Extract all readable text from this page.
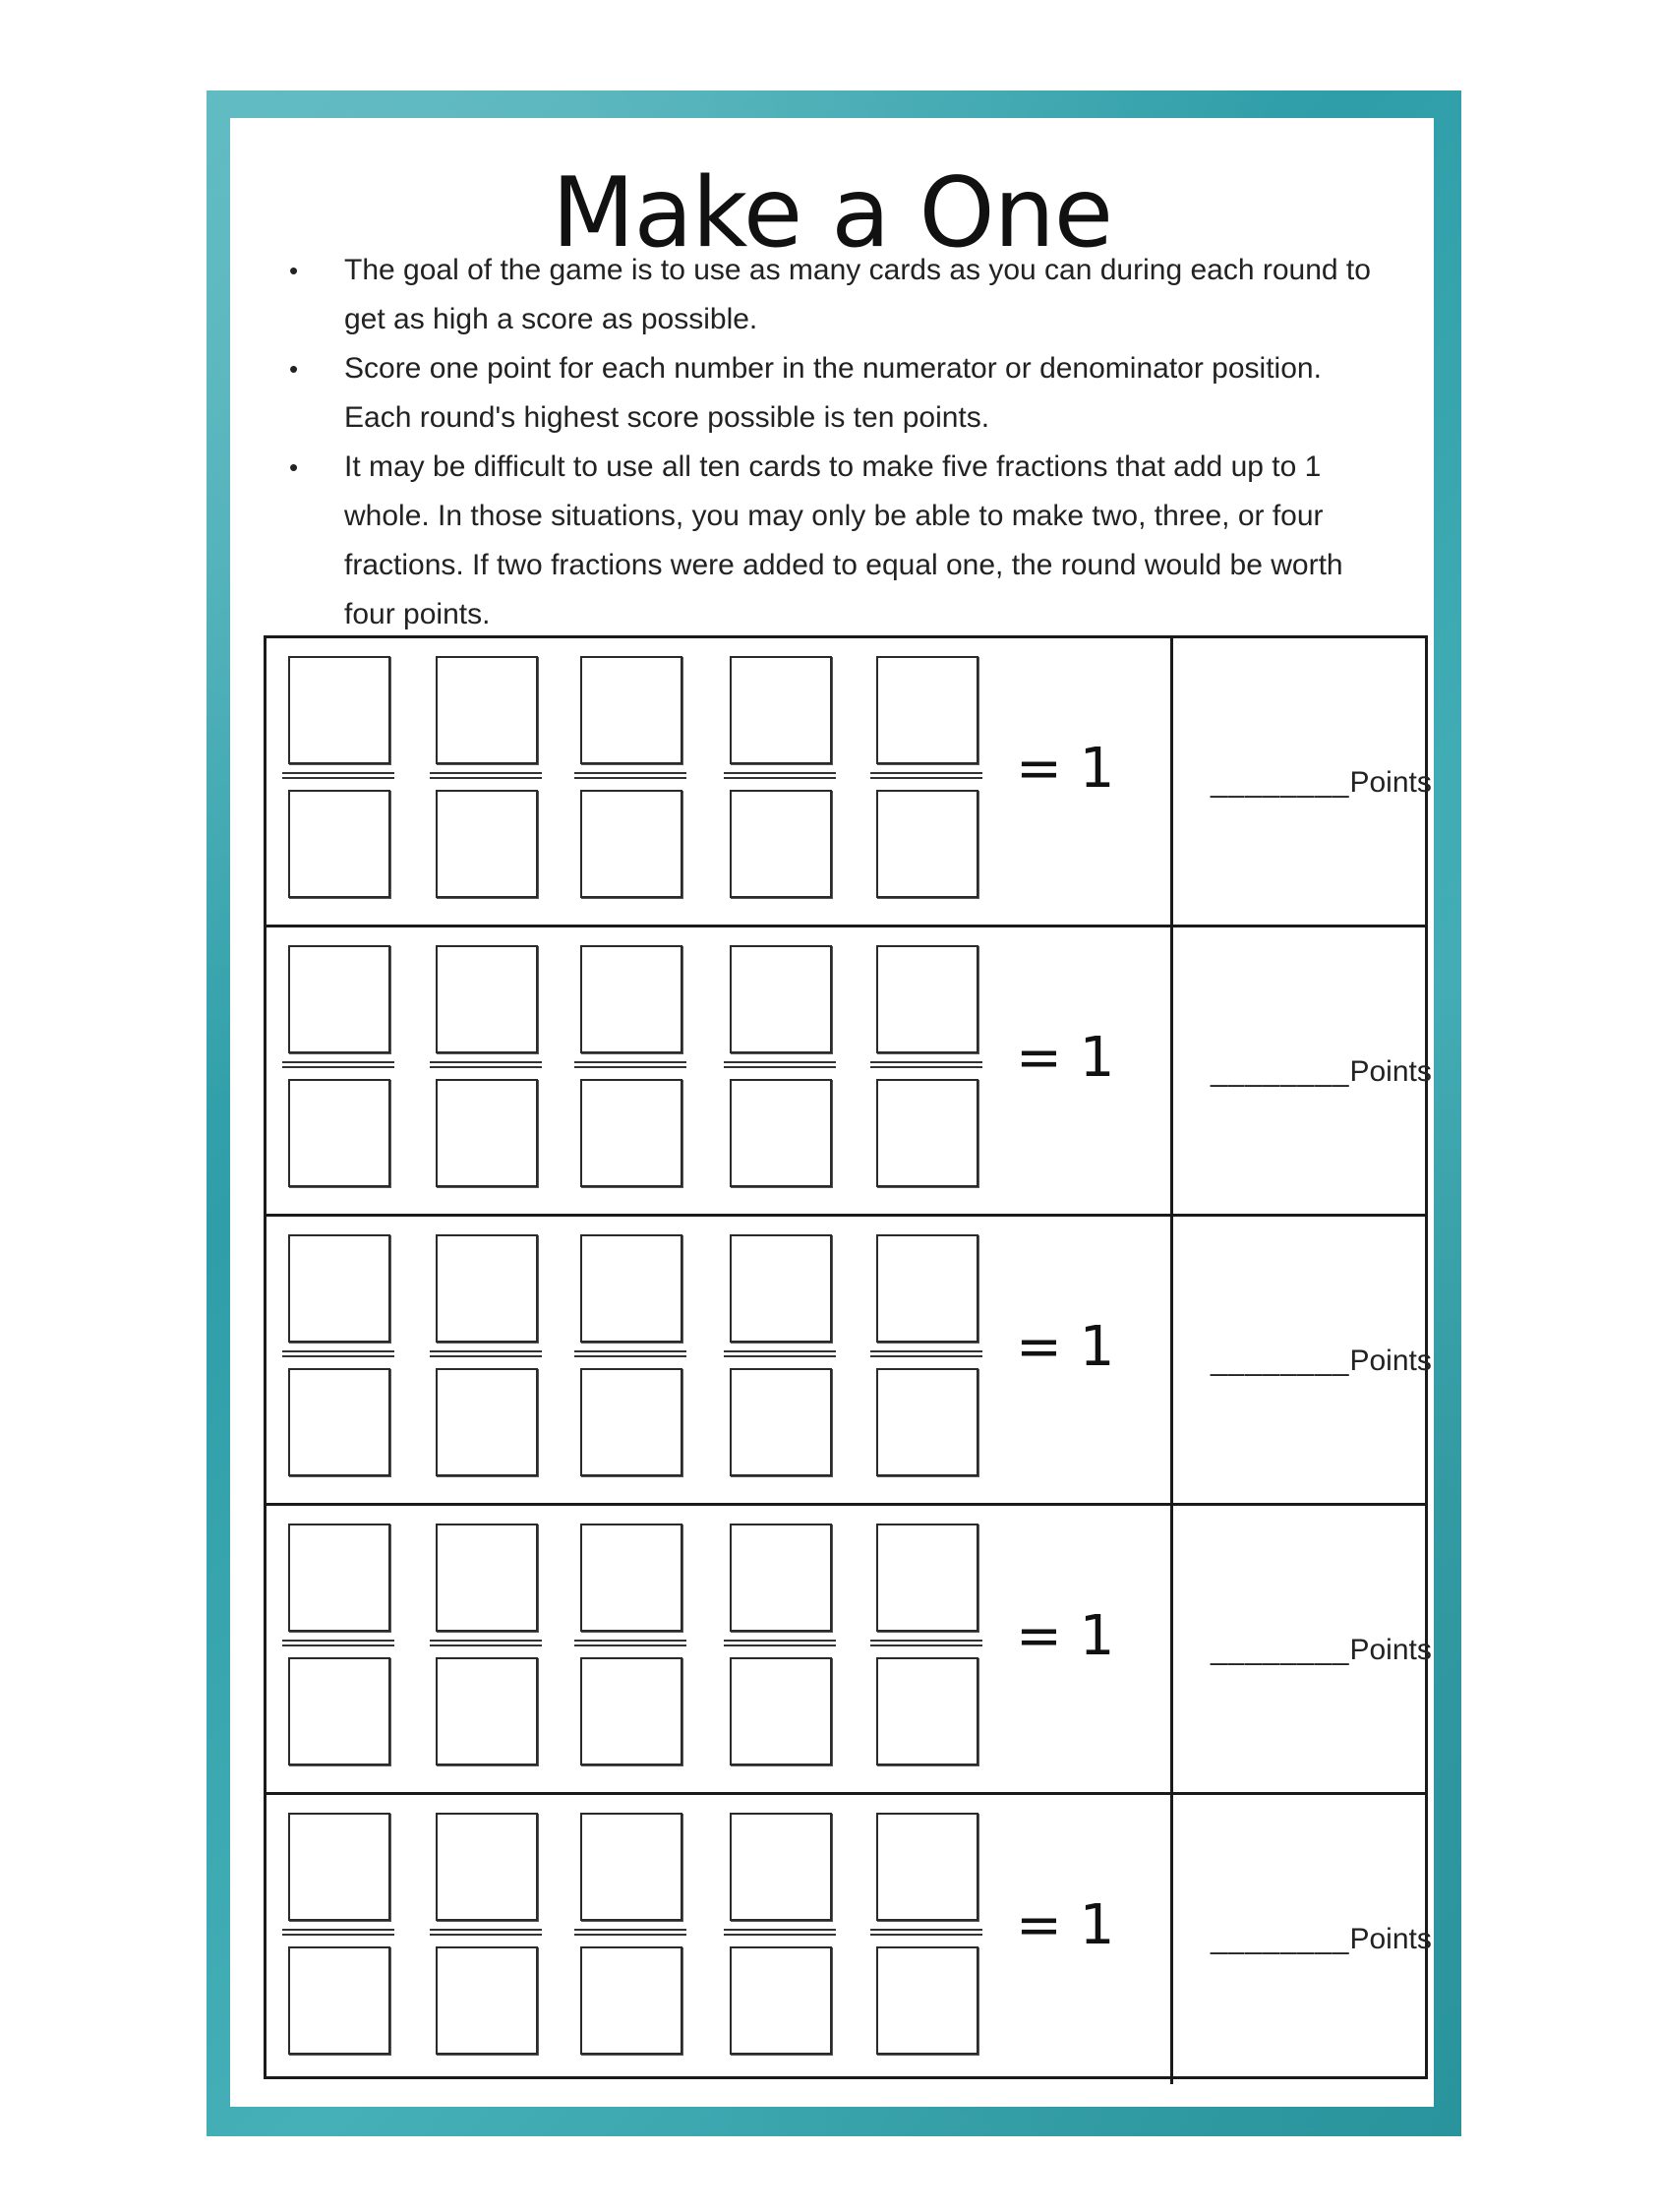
Make a One
•	The goal of the game is to use as many cards as you can during each round to get as high a score as possible.
•	Score one point for each number in the numerator or denominator position. Each round's highest score possible is ten points.
•	It may be difficult to use all ten cards to make five fractions that add up to 1 whole. In those situations, you may only be able to make two, three, or four fractions. If two fractions were added to equal one, the round would be worth four points.
= 1	________Points
= 1	________Points
= 1	________Points
= 1	________Points
= 1	________Points
